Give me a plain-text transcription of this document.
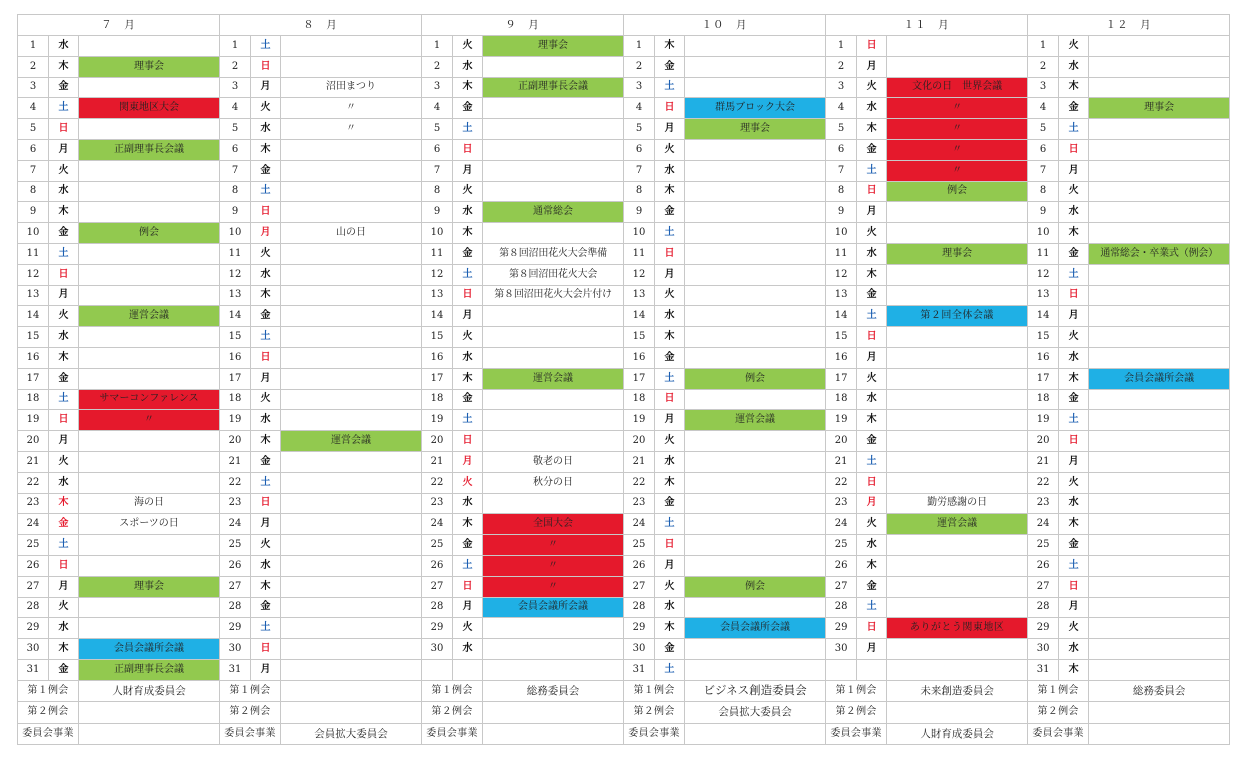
７　月			８　月			９　月			１０　月			１１　月			１２　月		
1	水		1	土		1	火	理事会	1	木		1	日		1	火	
2	木	理事会	2	日		2	水		2	金		2	月		2	水	
3	金		3	月	沼田まつり	3	木	正副理事長会議	3	土		3	火	文化の日　世界会議	3	木	
4	土	関東地区大会	4	火	〃	4	金		4	日	群馬ブロック大会	4	水	〃	4	金	理事会
5	日		5	水	〃	5	土		5	月	理事会	5	木	〃	5	土	
6	月	正副理事長会議	6	木		6	日		6	火		6	金	〃	6	日	
7	火		7	金		7	月		7	水		7	土	〃	7	月	
8	水		8	土		8	火		8	木		8	日	例会	8	火	
9	木		9	日		9	水	通常総会	9	金		9	月		9	水	
10	金	例会	10	月	山の日	10	木		10	土		10	火		10	木	
11	土		11	火		11	金	第８回沼田花火大会準備	11	日		11	水	理事会	11	金	通常総会・卒業式（例会）
12	日		12	水		12	土	第８回沼田花火大会	12	月		12	木		12	土	
13	月		13	木		13	日	第８回沼田花火大会片付け	13	火		13	金		13	日	
14	火	運営会議	14	金		14	月		14	水		14	土	第２回全体会議	14	月	
15	水		15	土		15	火		15	木		15	日		15	火	
16	木		16	日		16	水		16	金		16	月		16	水	
17	金		17	月		17	木	運営会議	17	土	例会	17	火		17	木	会員会議所会議
18	土	サマーコンファレンス	18	火		18	金		18	日		18	水		18	金	
19	日	〃	19	水		19	土		19	月	運営会議	19	木		19	土	
20	月		20	木	運営会議	20	日		20	火		20	金		20	日	
21	火		21	金		21	月	敬老の日	21	水		21	土		21	月	
22	水		22	土		22	火	秋分の日	22	木		22	日		22	火	
23	木	海の日	23	日		23	水		23	金		23	月	勤労感謝の日	23	水	
24	金	スポーツの日	24	月		24	木	全国大会	24	土		24	火	運営会議	24	木	
25	土		25	火		25	金	〃	25	日		25	水		25	金	
26	日		26	水		26	土	〃	26	月		26	木		26	土	
27	月	理事会	27	木		27	日	〃	27	火	例会	27	金		27	日	
28	火		28	金		28	月	会員会議所会議	28	水		28	土		28	月	
29	水		29	土		29	火		29	木	会員会議所会議	29	日	ありがとう関東地区	29	火	
30	木	会員会議所会議	30	日		30	水		30	金		30	月		30	水	
31	金	正副理事長会議	31	月					31	土					31	木	
第１例会		人財育成委員会	第１例会			第１例会		総務委員会	第１例会		ビジネス創造委員会	第１例会		未来創造委員会	第１例会		総務委員会
第２例会			第２例会			第２例会			第２例会		会員拡大委員会	第２例会			第２例会		
委員会事業			委員会事業		会員拡大委員会	委員会事業			委員会事業			委員会事業		人財育成委員会	委員会事業		
